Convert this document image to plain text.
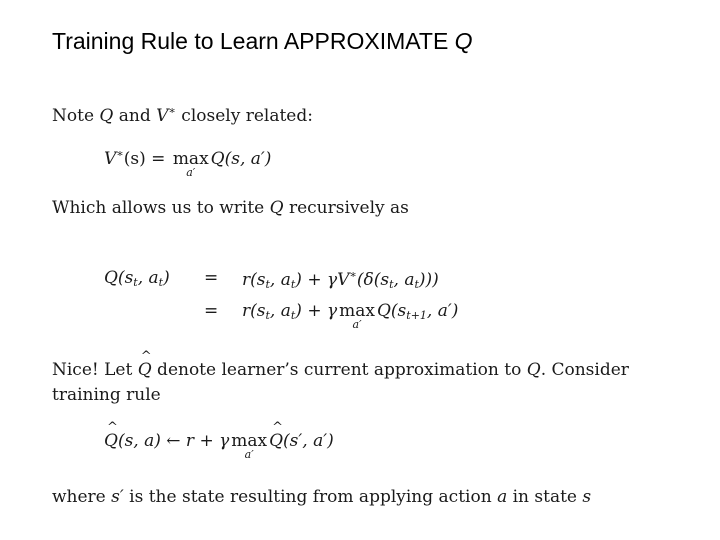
Training Rule to Learn APPROXIMATE Q
Note Q and V∗ closely related:
V∗(s) = max
a′
Q(s, a′)
Which allows us to write Q recursively as
$Q(s_t$, $a_t) = r(s_t$, $a_t) + \gamma V^∗(\delta(s_t$, $a_t$)))
= $r(s_t$, $a_t) + \gamma$ max
a′
$Q(s_{t+1}$, a′)
Nice! Let ^ Q denote learner’s current approximation to Q. Consider
training rule
^ Q(s, a) ← r + γ max
a′
^ Q(s′, a′)
where s′ is the state resulting from applying action a in state s
